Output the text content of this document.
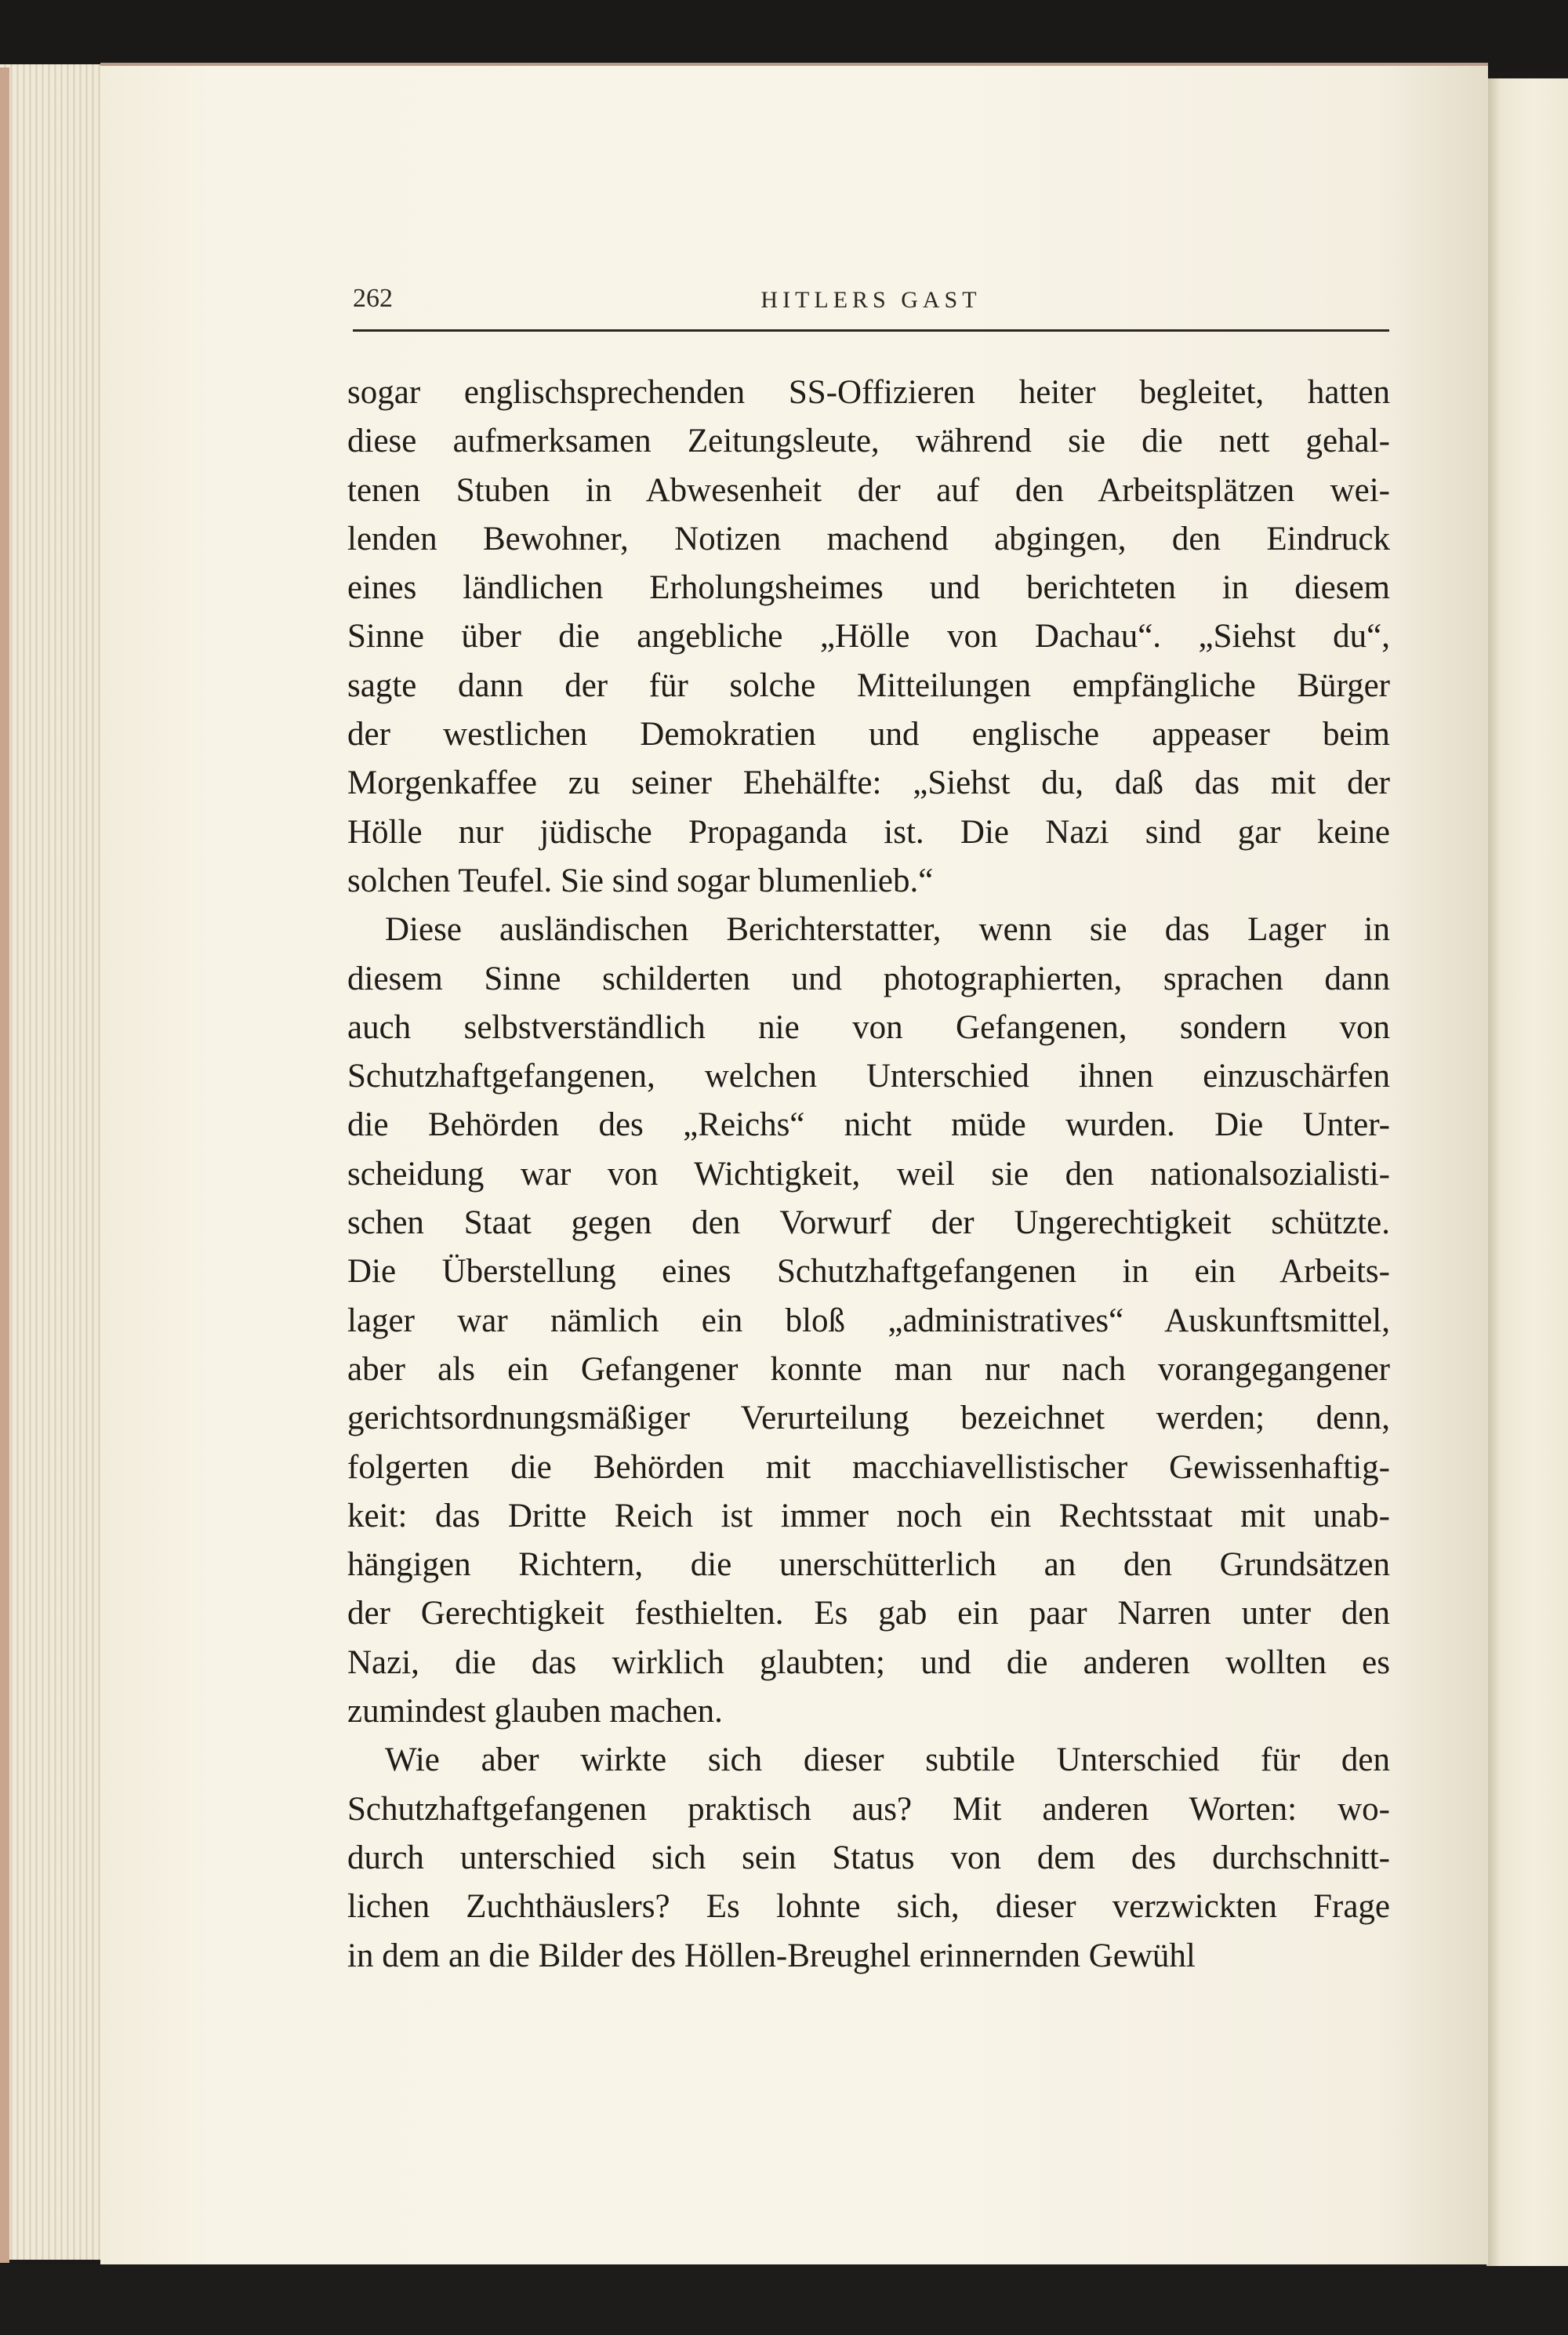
262	HITLERS GAST
sogar englischsprechenden SS-Offizieren heiter begleitet, hatten
diese aufmerksamen Zeitungsleute, während sie die nett gehal-
tenen Stuben in Abwesenheit der auf den Arbeitsplätzen wei-
lenden Bewohner, Notizen machend abgingen, den Eindruck
eines ländlichen Erholungsheimes und berichteten in diesem
Sinne über die angebliche „Hölle von Dachau“. „Siehst du“,
sagte dann der für solche Mitteilungen empfängliche Bürger
der westlichen Demokratien und englische appeaser beim
Morgenkaffee zu seiner Ehehälfte: „Siehst du, daß das mit der
Hölle nur jüdische Propaganda ist. Die Nazi sind gar keine
solchen Teufel. Sie sind sogar blumenlieb.“
Diese ausländischen Berichterstatter, wenn sie das Lager in
diesem Sinne schilderten und photographierten, sprachen dann
auch selbstverständlich nie von Gefangenen, sondern von
Schutzhaftgefangenen, welchen Unterschied ihnen einzuschärfen
die Behörden des „Reichs“ nicht müde wurden. Die Unter-
scheidung war von Wichtigkeit, weil sie den nationalsozialisti-
schen Staat gegen den Vorwurf der Ungerechtigkeit schützte.
Die Überstellung eines Schutzhaftgefangenen in ein Arbeits-
lager war nämlich ein bloß „administratives“ Auskunftsmittel,
aber als ein Gefangener konnte man nur nach vorangegangener
gerichtsordnungsmäßiger Verurteilung bezeichnet werden; denn,
folgerten die Behörden mit macchiavellistischer Gewissenhaftig-
keit: das Dritte Reich ist immer noch ein Rechtsstaat mit unab-
hängigen Richtern, die unerschütterlich an den Grundsätzen
der Gerechtigkeit festhielten. Es gab ein paar Narren unter den
Nazi, die das wirklich glaubten; und die anderen wollten es
zumindest glauben machen.
Wie aber wirkte sich dieser subtile Unterschied für den
Schutzhaftgefangenen praktisch aus? Mit anderen Worten: wo-
durch unterschied sich sein Status von dem des durchschnitt-
lichen Zuchthäuslers? Es lohnte sich, dieser verzwickten Frage
in dem an die Bilder des Höllen-Breughel erinnernden Gewühl
